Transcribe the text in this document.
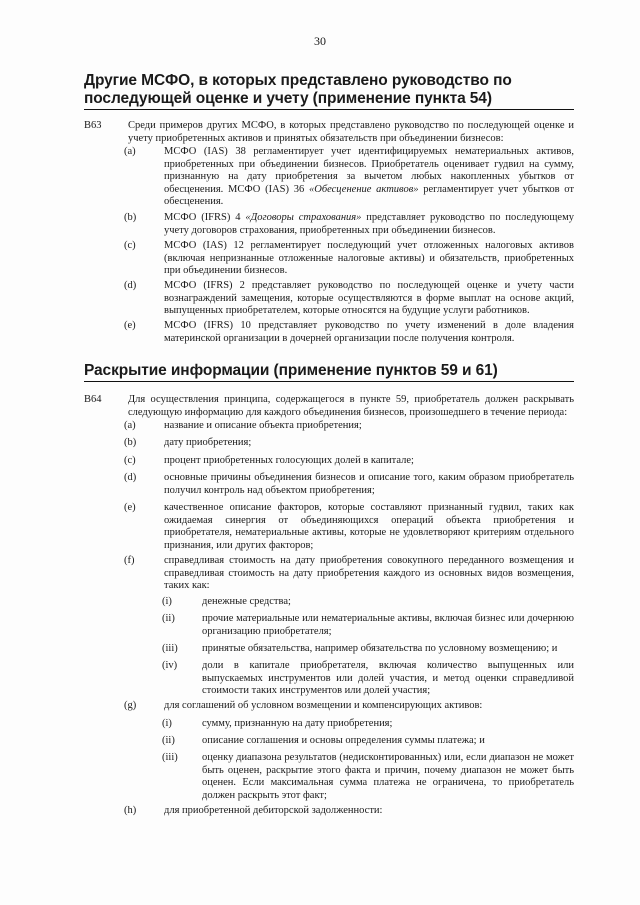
30
Другие МСФО, в которых представлено руководство по последующей оценке и учету (применение пункта 54)
B63	Среди примеров других МСФО, в которых представлено руководство по последующей оценке и учету приобретенных активов и принятых обязательств при объединении бизнесов:
(a)	МСФО (IAS) 38 регламентирует учет идентифицируемых нематериальных активов, приобретенных при объединении бизнесов. Приобретатель оценивает гудвил на сумму, признанную на дату приобретения за вычетом любых накопленных убытков от обесценения. МСФО (IAS) 36 «Обесценение активов» регламентирует учет убытков от обесценения.
(b)	МСФО (IFRS) 4 «Договоры страхования» представляет руководство по последующему учету договоров страхования, приобретенных при объединении бизнесов.
(c)	МСФО (IAS) 12 регламентирует последующий учет отложенных налоговых активов (включая непризнанные отложенные налоговые активы) и обязательств, приобретенных при объединении бизнесов.
(d)	МСФО (IFRS) 2 представляет руководство по последующей оценке и учету части вознаграждений замещения, которые осуществляются в форме выплат на основе акций, выпущенных приобретателем, которые относятся на будущие услуги работников.
(e)	МСФО (IFRS) 10 представляет руководство по учету изменений в доле владения материнской организации в дочерней организации после получения контроля.
Раскрытие информации (применение пунктов 59 и 61)
B64	Для осуществления принципа, содержащегося в пункте 59, приобретатель должен раскрывать следующую информацию для каждого объединения бизнесов, произошедшего в течение периода:
(a)	название и описание объекта приобретения;
(b)	дату приобретения;
(c)	процент приобретенных голосующих долей в капитале;
(d)	основные причины объединения бизнесов и описание того, каким образом приобретатель получил контроль над объектом приобретения;
(e)	качественное описание факторов, которые составляют признанный гудвил, таких как ожидаемая синергия от объединяющихся операций объекта приобретения и приобретателя, нематериальные активы, которые не удовлетворяют критериям отдельного признания, или других факторов;
(f)	справедливая стоимость на дату приобретения совокупного переданного возмещения и справедливая стоимость на дату приобретения каждого из основных видов возмещения, таких как:
(i)	денежные средства;
(ii)	прочие материальные или нематериальные активы, включая бизнес или дочернюю организацию приобретателя;
(iii) принятые обязательства, например обязательства по условному возмещению; и
(iv) доли в капитале приобретателя, включая количество выпущенных или выпускаемых инструментов или долей участия, и метод оценки справедливой стоимости таких инструментов или долей участия;
(g)	для соглашений об условном возмещении и компенсирующих активов:
(i)	сумму, признанную на дату приобретения;
(ii)	описание соглашения и основы определения суммы платежа; и
(iii) оценку диапазона результатов (недисконтированных) или, если диапазон не может быть оценен, раскрытие этого факта и причин, почему диапазон не может быть оценен. Если максимальная сумма платежа не ограничена, то приобретатель должен раскрыть этот факт;
(h)	для приобретенной дебиторской задолженности:
